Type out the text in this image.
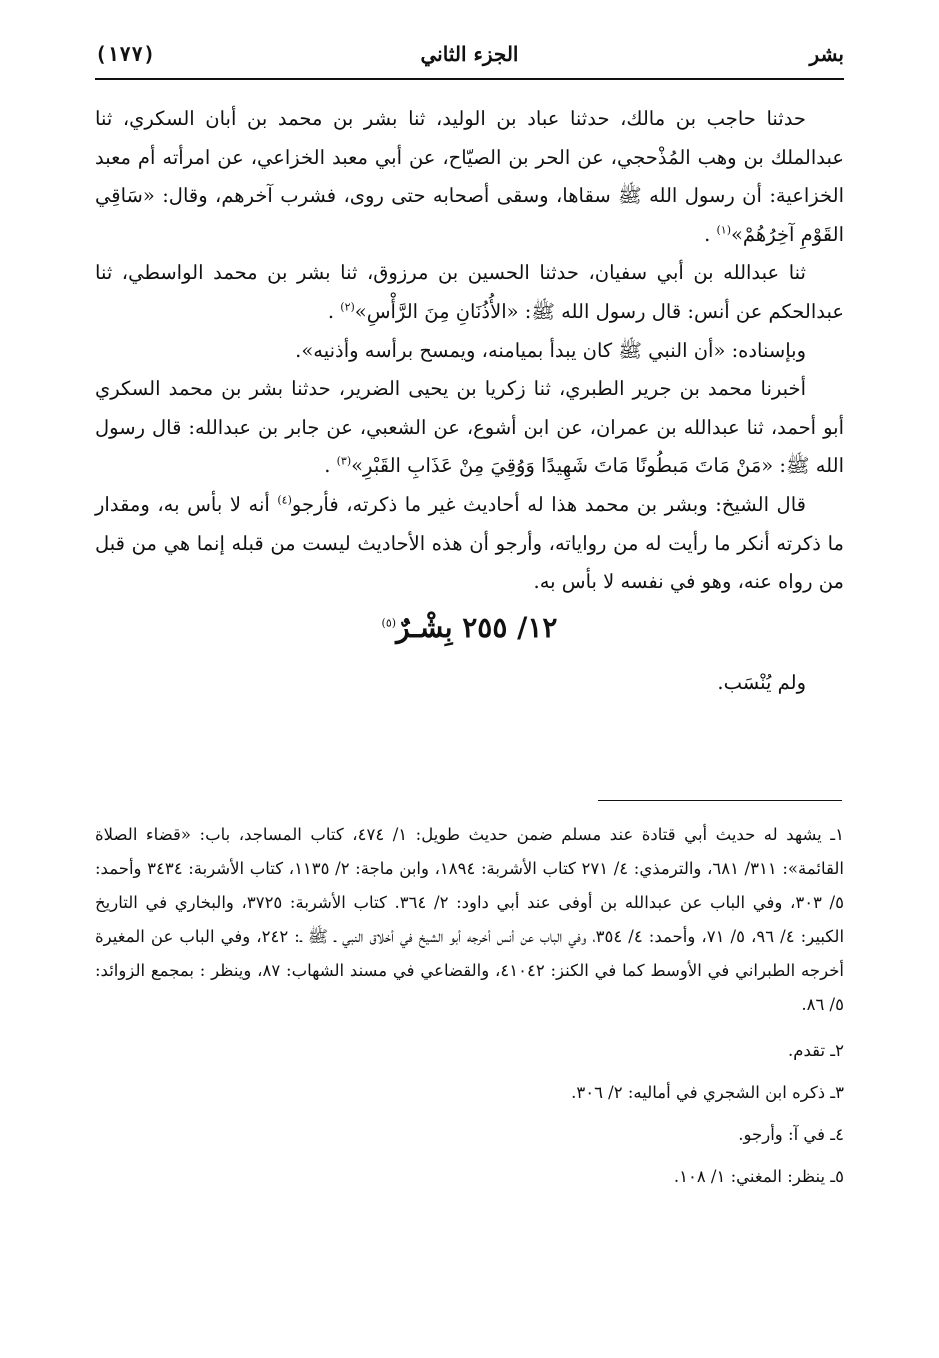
بشر
الجزء الثاني
(١٧٧)

حدثنا حاجب بن مالك، حدثنا عباد بن الوليد، ثنا بشر بن محمد بن أبان السكري، ثنا عبدالملك بن وهب المُذْحجي، عن الحر بن الصيّاح، عن أبي معبد الخزاعي، عن امرأته أم معبد الخزاعية: أن رسول الله ﷺ سقاها، وسقى أصحابه حتى روى، فشرب آخرهم، وقال: «سَاقِي القَوْمِ آخِرُهُمْ»$^{(١)}$ .

ثنا عبدالله بن أبي سفيان، حدثنا الحسين بن مرزوق، ثنا بشر بن محمد الواسطي، ثنا عبدالحكم عن أنس: قال رسول الله ﷺ: «الأُذُنَانِ مِنَ الرَّأْسِ»$^{(٢)}$ .

وبإسناده: «أن النبي ﷺ كان يبدأ بميامنه، ويمسح برأسه وأذنيه».

أخبرنا محمد بن جرير الطبري، ثنا زكريا بن يحيى الضرير، حدثنا بشر بن محمد السكري أبو أحمد، ثنا عبدالله بن عمران، عن ابن أشوع، عن الشعبي، عن جابر بن عبدالله: قال رسول الله ﷺ: «مَنْ مَاتَ مَبطُونًا مَاتَ شَهِيدًا وَوُقِيَ مِنْ عَذَابِ القَبْرِ»$^{(٣)}$ .

قال الشيخ: وبشر بن محمد هذا له أحاديث غير ما ذكرته، فأرجو$^{(٤)}$ أنه لا بأس به، ومقدار ما ذكرته أنكر ما رأيت له من رواياته، وأرجو أن هذه الأحاديث ليست من قبله إنما هي من قبل من رواه عنه، وهو في نفسه لا بأس به.

١٢/ ٢٥٥ بِشْـرٌ$^{(٥)}$

ولم يُنْسَب.

١ـ يشهد له حديث أبي قتادة عند مسلم ضمن حديث طويل: ١/ ٤٧٤، كتاب المساجد، باب: «قضاء الصلاة القائمة»: ٣١١/ ٦٨١، والترمذي: ٤/ ٢٧١ كتاب الأشربة: ١٨٩٤، وابن ماجة: ٢/ ١١٣٥، كتاب الأشربة: ٣٤٣٤ وأحمد: ٥/ ٣٠٣، وفي الباب عن عبدالله بن أوفى عند أبي داود: ٢/ ٣٦٤. كتاب الأشربة: ٣٧٢٥، والبخاري في التاريخ الكبير: ٤/ ٩٦، ٥/ ٧١، وأحمد: ٤/ ٣٥٤، وفي الباب عن أنس أخرجه أبو الشيخ في أخلاق النبي ـ ﷺ ـ: ٢٤٢، وفي الباب عن المغيرة أخرجه الطبراني في الأوسط كما في الكنز: ٤١٠٤٢، والقضاعي في مسند الشهاب: ٨٧، وينظر : بمجمع الزوائد: ٥/ ٨٦.

٢ـ تقدم.

٣ـ ذكره ابن الشجري في أماليه: ٢/ ٣٠٦.

٤ـ في آ: وأرجو.

٥ـ ينظر: المغني: ١/ ١٠٨.
